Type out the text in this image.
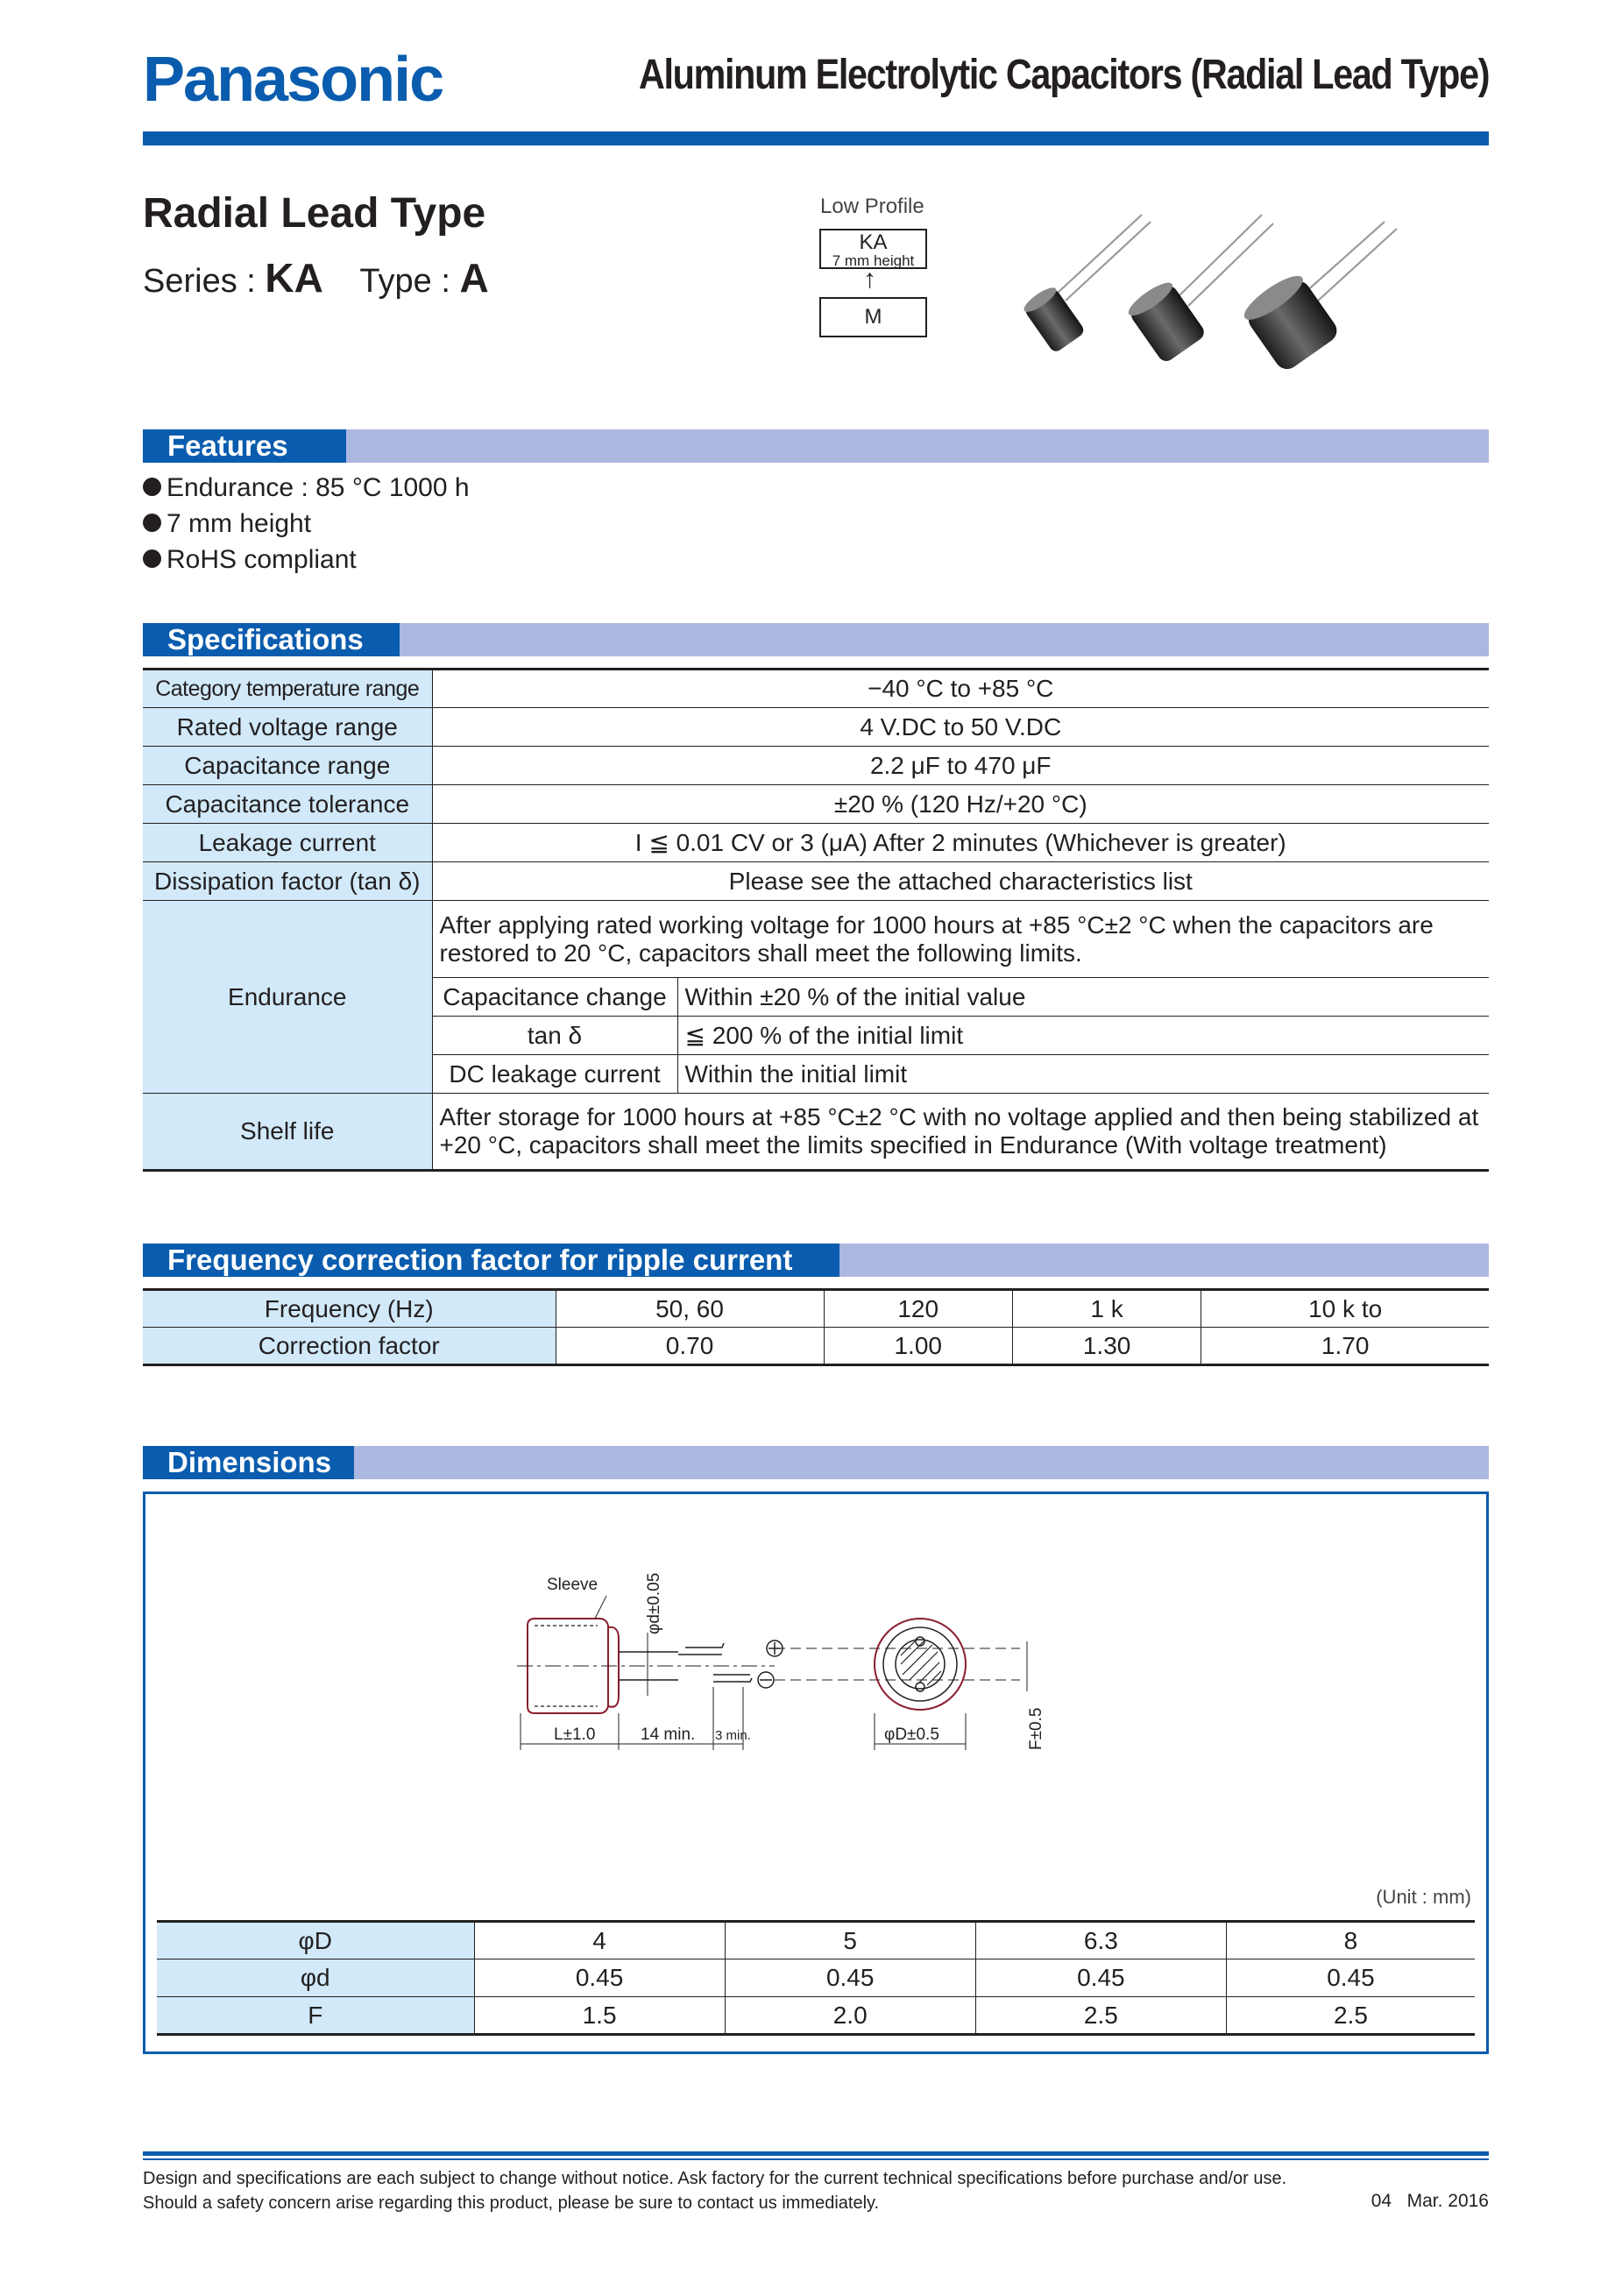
Panasonic	Aluminum Electrolytic Capacitors (Radial Lead Type)
Radial Lead Type
Series : KA Type : A
Low Profile
KA
7 mm height
↑
M
Features
Endurance : 85 °C 1000 h
7 mm height
RoHS compliant
Specifications
Category temperature range	−40 °C to +85 °C	
Rated voltage range	4 V.DC to 50 V.DC	
Capacitance range	2.2 μF to 470 μF	
Capacitance tolerance	±20 % (120 Hz/+20 °C)	
Leakage current	I ≦ 0.01 CV or 3 (μA) After 2 minutes (Whichever is greater)	
Dissipation factor (tan δ)	Please see the attached characteristics list	
Endurance	After applying rated working voltage for 1000 hours at +85 °C±2 °C when the capacitors are restored to 20 °C, capacitors shall meet the following limits.	
	Capacitance change	Within ±20 % of the initial value
	tan δ	≦ 200 % of the initial limit
	DC leakage current	Within the initial limit
Shelf life	After storage for 1000 hours at +85 °C±2 °C with no voltage applied and then being stabilized at +20 °C, capacitors shall meet the limits specified in Endurance (With voltage treatment)	
Frequency correction factor for ripple current
Frequency (Hz)	50, 60	120	1 k	10 k to
Correction factor	0.70	1.00	1.30	1.70
Dimensions
Sleeve	φd±0.05
L±1.0	14 min. 3 min.	φD±0.5	F±0.5
(Unit : mm)
φD	4	5	6.3	8
φd	0.45	0.45	0.45	0.45
F	1.5	2.0	2.5	2.5
Design and specifications are each subject to change without notice. Ask factory for the current technical specifications before purchase and/or use.
Should a safety concern arise regarding this product, please be sure to contact us immediately.	04 Mar. 2016
